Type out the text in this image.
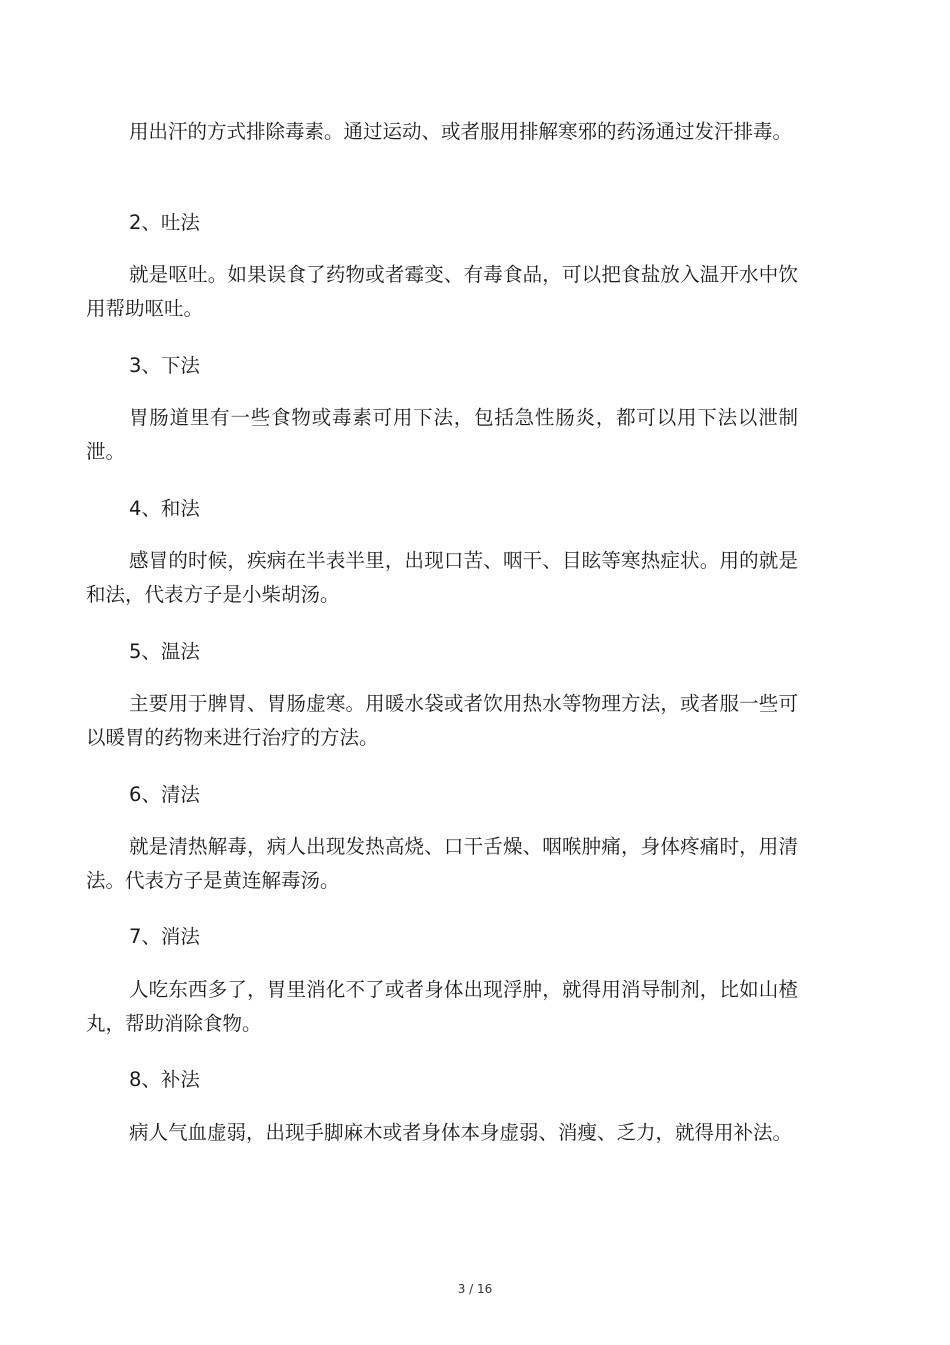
用出汗的方式排除毒素。通过运动、或者服用排解寒邪的药汤通过发汗排毒。

2、吐法

就是呕吐。如果误食了药物或者霉变、有毒食品，可以把食盐放入温开水中饮用帮助呕吐。

3、下法

胃肠道里有一些食物或毒素可用下法，包括急性肠炎，都可以用下法以泄制泄。

4、和法

感冒的时候，疾病在半表半里，出现口苦、咽干、目眩等寒热症状。用的就是和法，代表方子是小柴胡汤。

5、温法

主要用于脾胃、胃肠虚寒。用暖水袋或者饮用热水等物理方法，或者服一些可以暖胃的药物来进行治疗的方法。

6、清法

就是清热解毒，病人出现发热高烧、口干舌燥、咽喉肿痛，身体疼痛时，用清法。代表方子是黄连解毒汤。

7、消法

人吃东西多了，胃里消化不了或者身体出现浮肿，就得用消导制剂，比如山楂丸，帮助消除食物。

8、补法

病人气血虚弱，出现手脚麻木或者身体本身虚弱、消瘦、乏力，就得用补法。

3 / 16
